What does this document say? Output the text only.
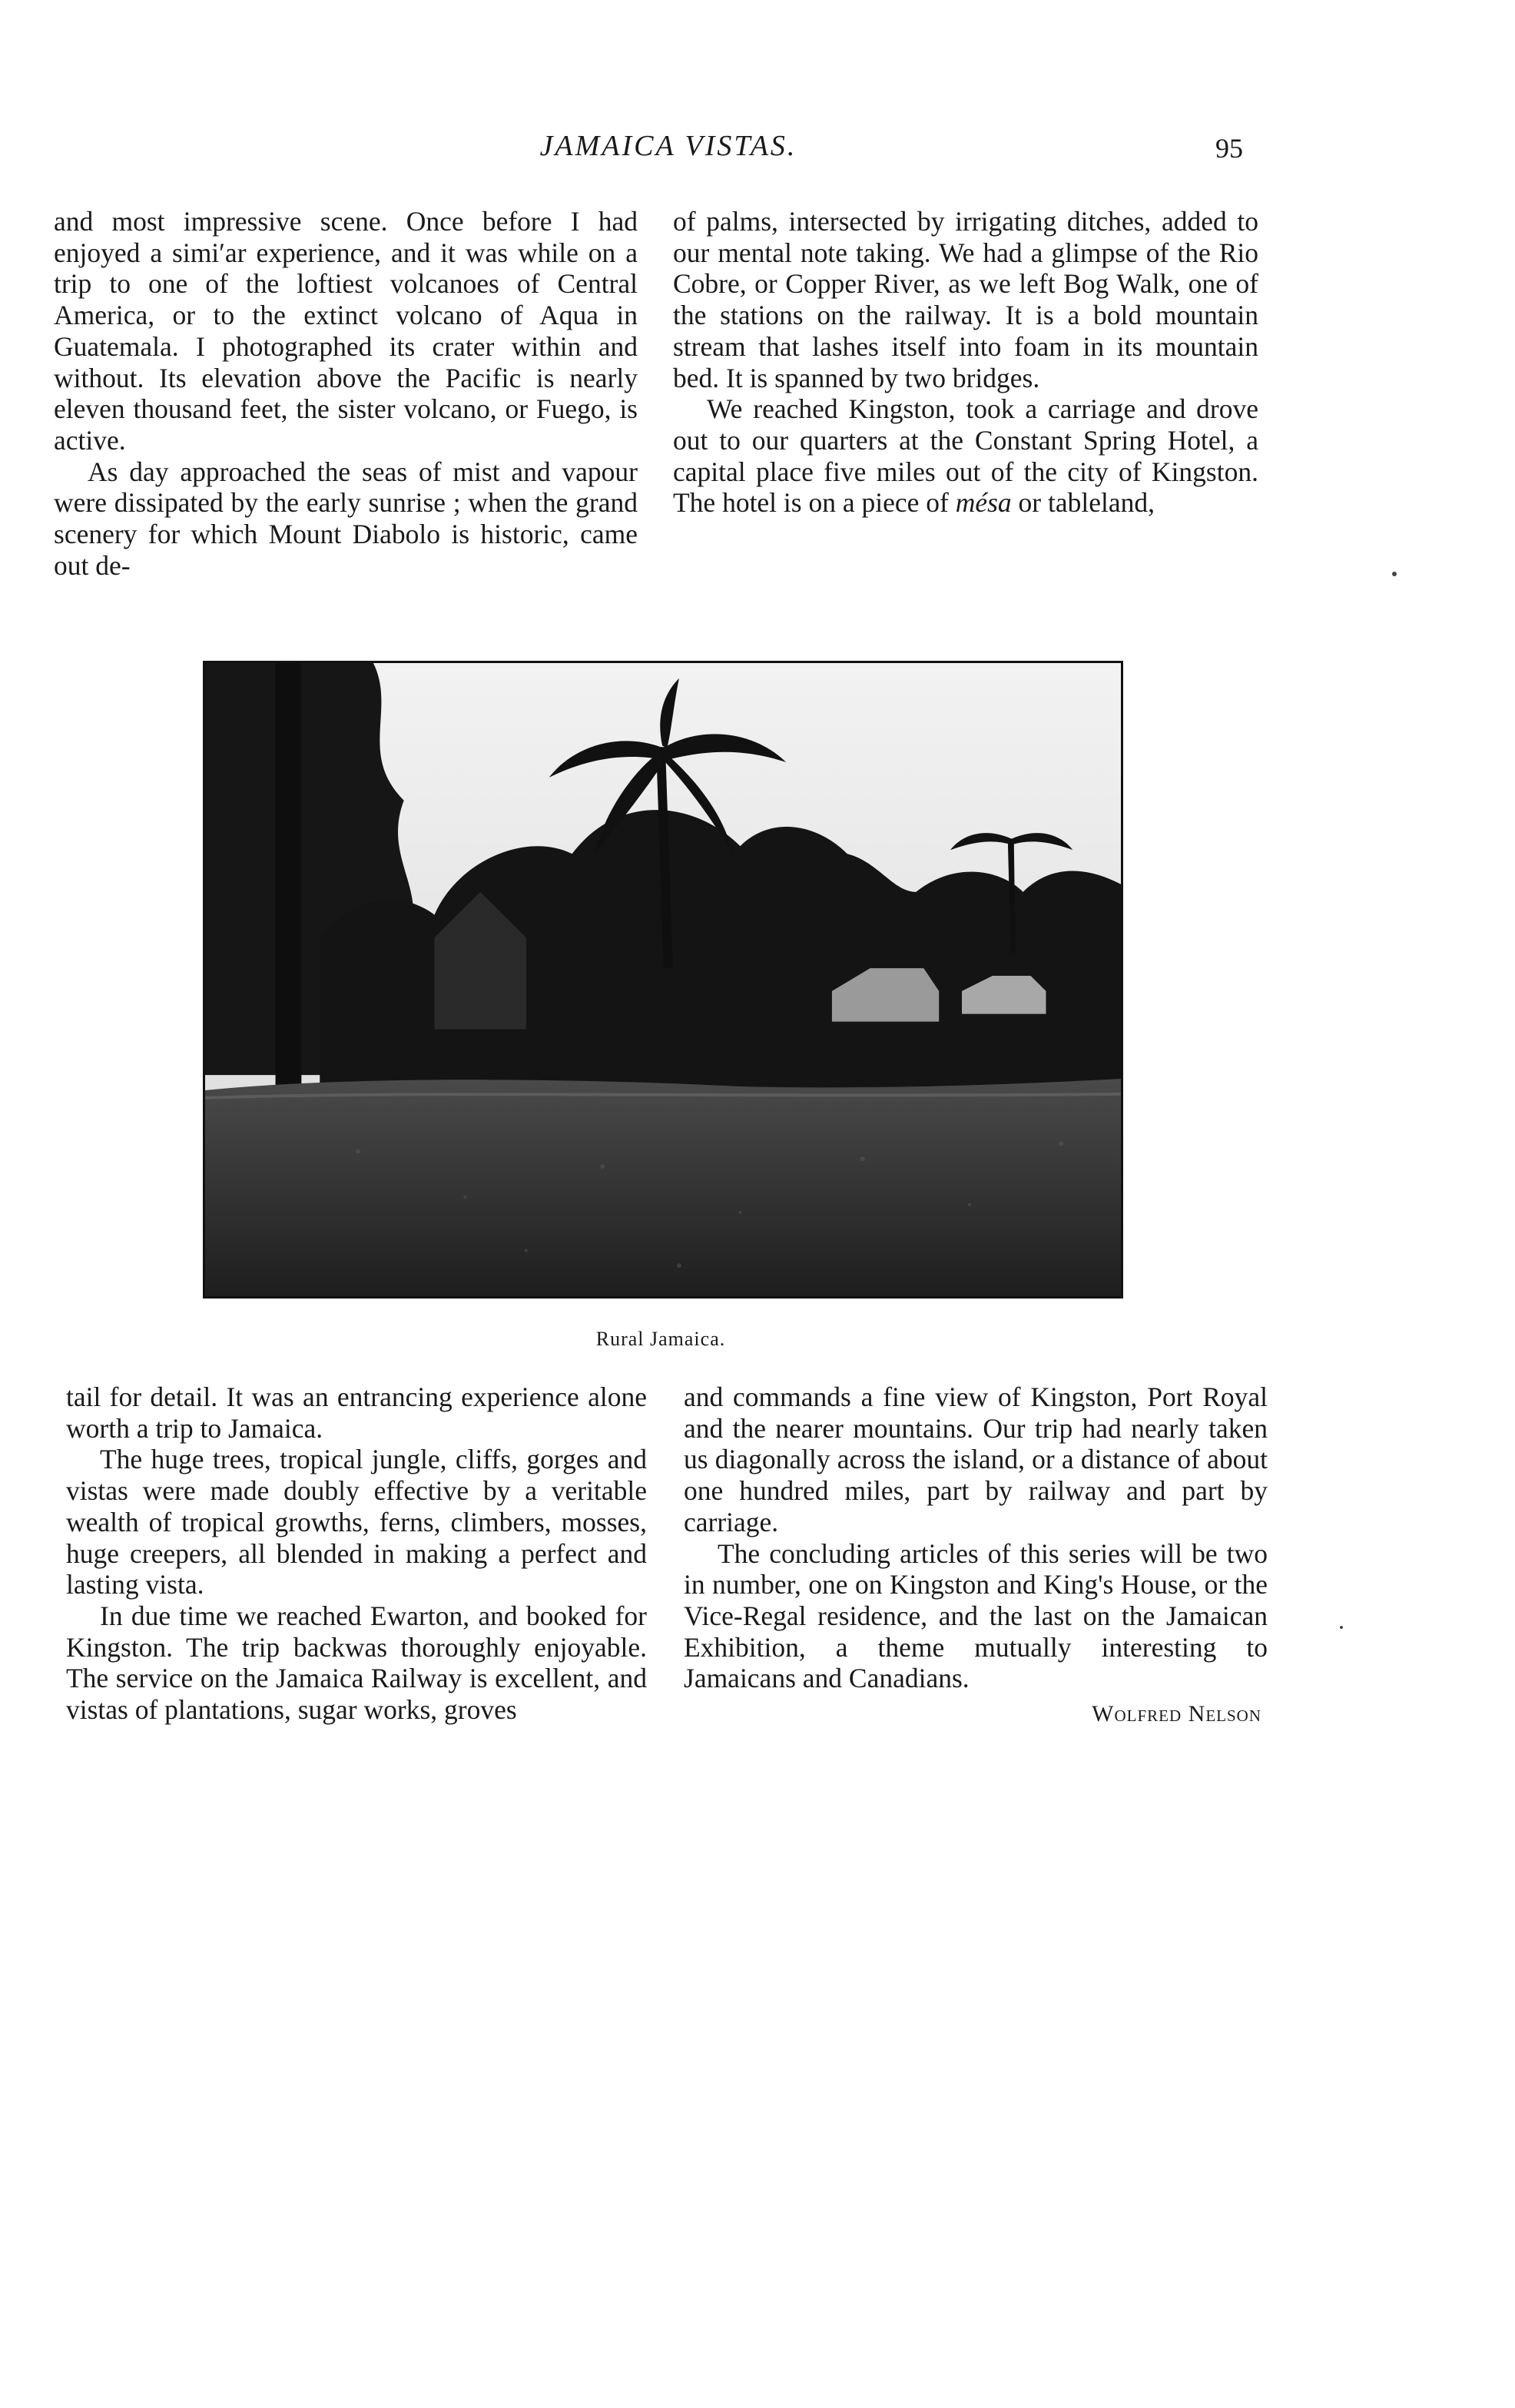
JAMAICA VISTAS.	95

and most impressive scene. Once before I had enjoyed a simiʹar experience, and it was while on a trip to one of the loftiest volcanoes of Central America, or to the extinct volcano of Aqua in Guatemala. I photographed its crater within and without. Its elevation above the Pacific is nearly eleven thousand feet, the sister volcano, or Fuego, is active.

As day approached the seas of mist and vapour were dissipated by the early sunrise ; when the grand scenery for which Mount Diabolo is historic, came out de-

of palms, intersected by irrigating ditches, added to our mental note taking. We had a glimpse of the Rio Cobre, or Copper River, as we left Bog Walk, one of the stations on the railway. It is a bold mountain stream that lashes itself into foam in its mountain bed. It is spanned by two bridges.

We reached Kingston, took a carriage and drove out to our quarters at the Constant Spring Hotel, a capital place five miles out of the city of Kingston. The hotel is on a piece of mésa or tableland,

Rural Jamaica.

tail for detail. It was an entrancing experience alone worth a trip to Jamaica.

The huge trees, tropical jungle, cliffs, gorges and vistas were made doubly effective by a veritable wealth of tropical growths, ferns, climbers, mosses, huge creepers, all blended in making a perfect and lasting vista.

In due time we reached Ewarton, and booked for Kingston. The trip backwas thoroughly enjoyable. The service on the Jamaica Railway is excellent, and vistas of plantations, sugar works, groves

and commands a fine view of Kingston, Port Royal and the nearer mountains. Our trip had nearly taken us diagonally across the island, or a distance of about one hundred miles, part by railway and part by carriage.

The concluding articles of this series will be two in number, one on Kingston and King's House, or the Vice-Regal residence, and the last on the Jamaican Exhibition, a theme mutually interesting to Jamaicans and Canadians.

Wolfred Nelson
